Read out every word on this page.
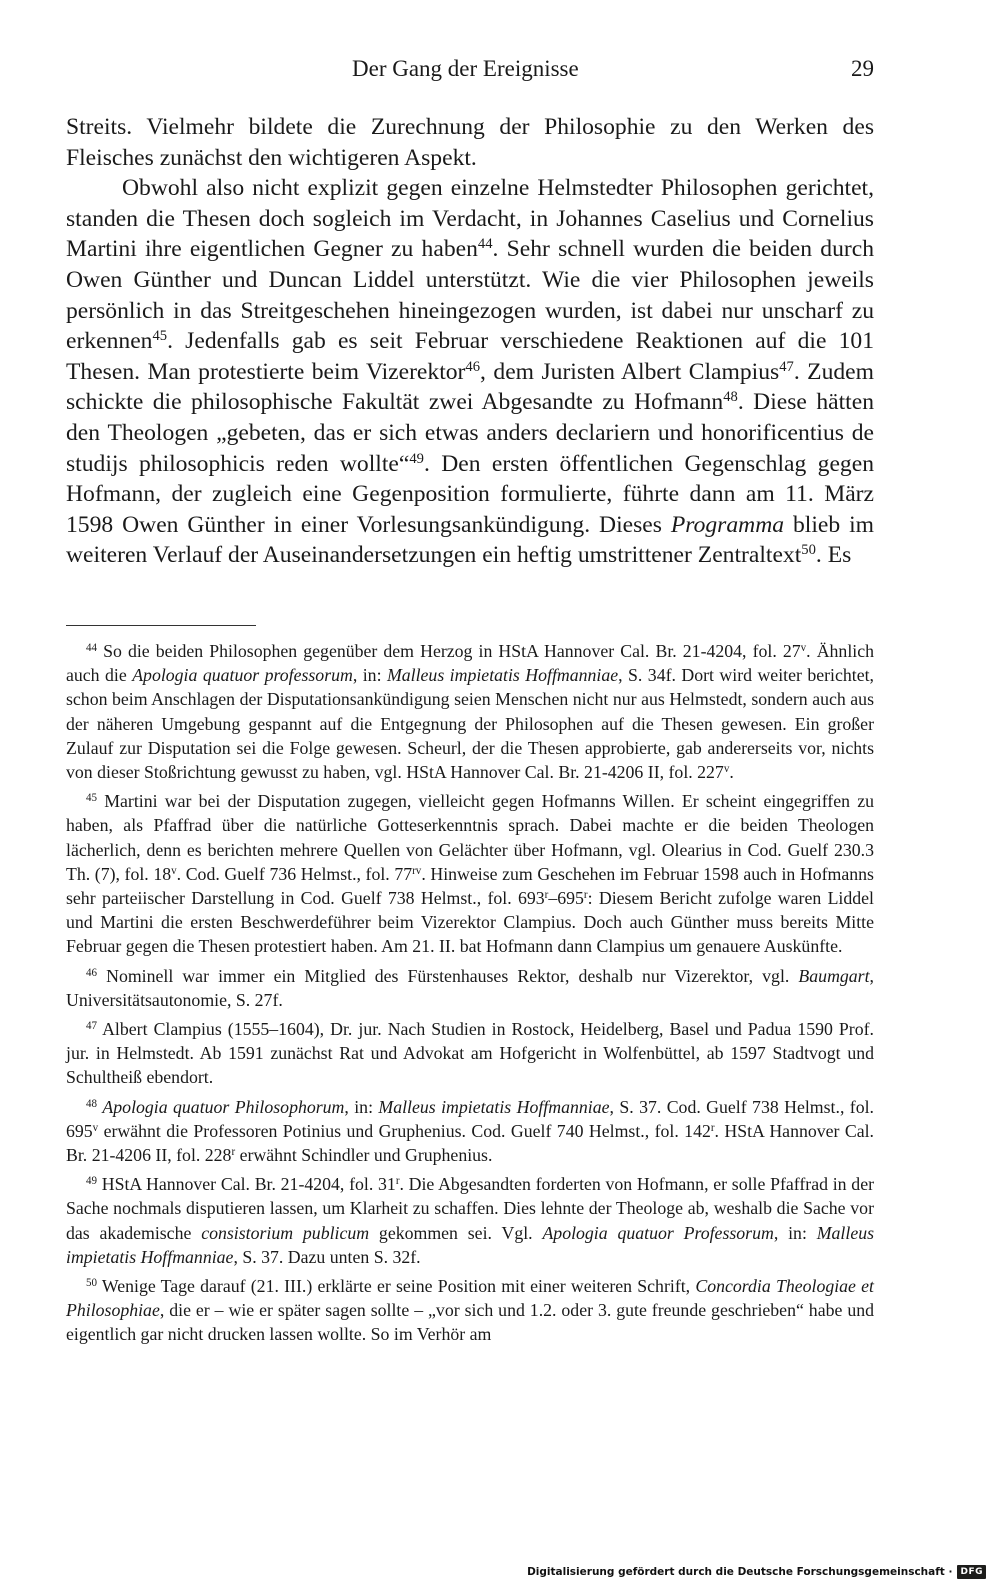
Der Gang der Ereignisse	29

Streits. Vielmehr bildete die Zurechnung der Philosophie zu den Werken des Fleisches zunächst den wichtigeren Aspekt.

Obwohl also nicht explizit gegen einzelne Helmstedter Philosophen gerichtet, standen die Thesen doch sogleich im Verdacht, in Johannes Caselius und Cornelius Martini ihre eigentlichen Gegner zu haben$^{44}$. Sehr schnell wurden die beiden durch Owen Günther und Duncan Liddel unterstützt. Wie die vier Philosophen jeweils persönlich in das Streitgeschehen hineingezogen wurden, ist dabei nur unscharf zu erkennen$^{45}$. Jedenfalls gab es seit Februar verschiedene Reaktionen auf die 101 Thesen. Man protestierte beim Vizerektor$^{46}$, dem Juristen Albert Clampius$^{47}$. Zudem schickte die philosophische Fakultät zwei Abgesandte zu Hofmann$^{48}$. Diese hätten den Theologen „gebeten, das er sich etwas anders declariern und honorificentius de studijs philosophicis reden wollte“$^{49}$. Den ersten öffentlichen Gegenschlag gegen Hofmann, der zugleich eine Gegenposition formulierte, führte dann am 11. März 1598 Owen Günther in einer Vorlesungsankündigung. Dieses Programma blieb im weiteren Verlauf der Auseinandersetzungen ein heftig umstrittener Zentraltext$^{50}$. Es

$^{44}$ So die beiden Philosophen gegenüber dem Herzog in HStA Hannover Cal. Br. 21-4204, fol. 27$^v$. Ähnlich auch die Apologia quatuor professorum, in: Malleus impietatis Hoffmanniae, S. 34f. Dort wird weiter berichtet, schon beim Anschlagen der Disputationsankündigung seien Menschen nicht nur aus Helmstedt, sondern auch aus der näheren Umgebung gespannt auf die Entgegnung der Philosophen auf die Thesen gewesen. Ein großer Zulauf zur Disputation sei die Folge gewesen. Scheurl, der die Thesen approbierte, gab andererseits vor, nichts von dieser Stoßrichtung gewusst zu haben, vgl. HStA Hannover Cal. Br. 21-4206 II, fol. 227$^v$.

$^{45}$ Martini war bei der Disputation zugegen, vielleicht gegen Hofmanns Willen. Er scheint eingegriffen zu haben, als Pfaffrad über die natürliche Gotteserkenntnis sprach. Dabei machte er die beiden Theologen lächerlich, denn es berichten mehrere Quellen von Gelächter über Hofmann, vgl. Olearius in Cod. Guelf 230.3 Th. (7), fol. 18$^v$. Cod. Guelf 736 Helmst., fol. $77^{rv}$. Hinweise zum Geschehen im Februar 1598 auch in Hofmanns sehr parteiischer Darstellung in Cod. Guelf 738 Helmst., fol. 693$^r$–695$^r$: Diesem Bericht zufolge waren Liddel und Martini die ersten Beschwerdeführer beim Vizerektor Clampius. Doch auch Günther muss bereits Mitte Februar gegen die Thesen protestiert haben. Am 21. II. bat Hofmann dann Clampius um genauere Auskünfte.

$^{46}$ Nominell war immer ein Mitglied des Fürstenhauses Rektor, deshalb nur Vizerektor, vgl. Baumgart, Universitätsautonomie, S. 27f.

$^{47}$ Albert Clampius (1555–1604), Dr. jur. Nach Studien in Rostock, Heidelberg, Basel und Padua 1590 Prof. jur. in Helmstedt. Ab 1591 zunächst Rat und Advokat am Hofgericht in Wolfenbüttel, ab 1597 Stadtvogt und Schultheiß ebendort.

$^{48}$ Apologia quatuor Philosophorum, in: Malleus impietatis Hoffmanniae, S. 37. Cod. Guelf 738 Helmst., fol. 695$^v$ erwähnt die Professoren Potinius und Gruphenius. Cod. Guelf 740 Helmst., fol. 142$^r$. HStA Hannover Cal. Br. 21-4206 II, fol. 228$^r$ erwähnt Schindler und Gruphenius.

$^{49}$ HStA Hannover Cal. Br. 21-4204, fol. 31$^r$. Die Abgesandten forderten von Hofmann, er solle Pfaffrad in der Sache nochmals disputieren lassen, um Klarheit zu schaffen. Dies lehnte der Theologe ab, weshalb die Sache vor das akademische consistorium publicum gekommen sei. Vgl. Apologia quatuor Professorum, in: Malleus impietatis Hoffmanniae, S. 37. Dazu unten S. 32f.

$^{50}$ Wenige Tage darauf (21. III.) erklärte er seine Position mit einer weiteren Schrift, Concordia Theologiae et Philosophiae, die er – wie er später sagen sollte – „vor sich und 1.2. oder 3. gute freunde geschrieben“ habe und eigentlich gar nicht drucken lassen wollte. So im Verhör am

Digitalisierung gefördert durch die Deutsche Forschungsgemeinschaft · DFG
